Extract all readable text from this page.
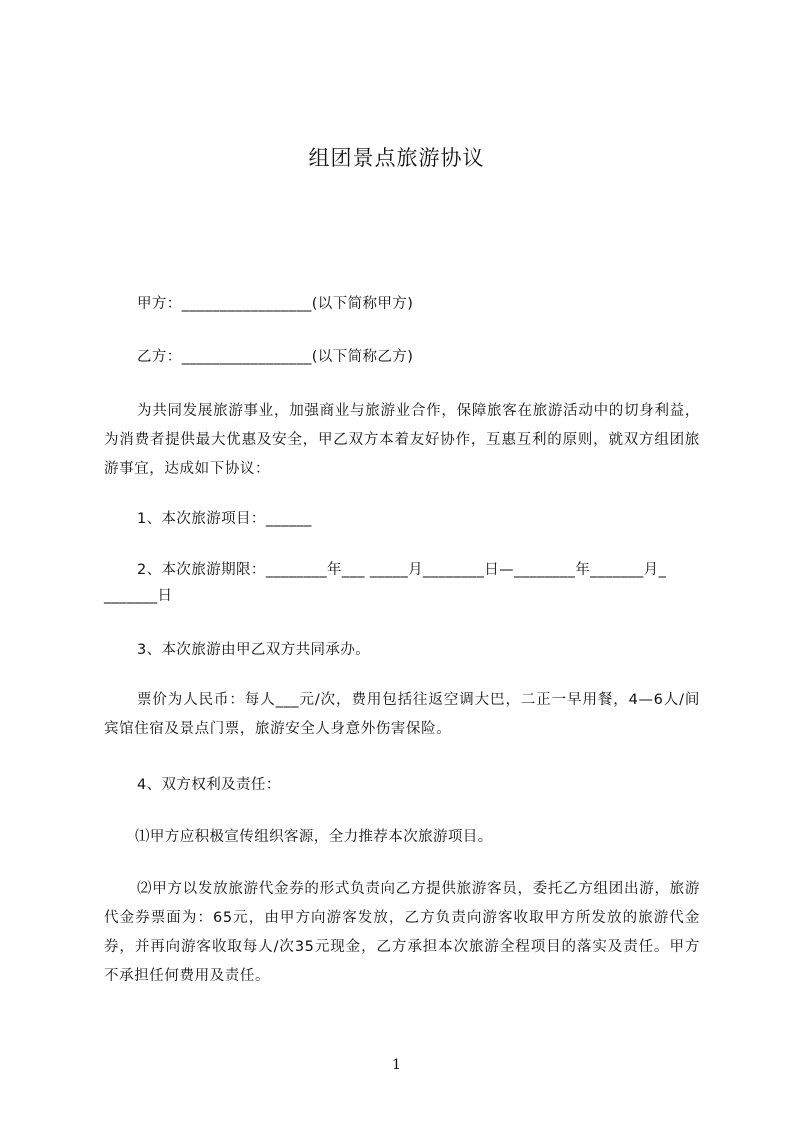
组团景点旅游协议
甲方：_________________(以下简称甲方)
乙方：_________________(以下简称乙方)
为共同发展旅游事业，加强商业与旅游业合作，保障旅客在旅游活动中的切身利益，为消费者提供最大优惠及安全，甲乙双方本着友好协作，互惠互利的原则，就双方组团旅游事宜，达成如下协议：
1、本次旅游项目：______
2、本次旅游期限：________年___ _____月________日—________年_______月_
_______日
3、本次旅游由甲乙双方共同承办。
票价为人民币：每人___元/次，费用包括往返空调大巴，二正一早用餐，4—6人/间宾馆住宿及景点门票，旅游安全人身意外伤害保险。
4、双方权利及责任：
⑴甲方应积极宣传组织客源，全力推荐本次旅游项目。
⑵甲方以发放旅游代金券的形式负责向乙方提供旅游客员，委托乙方组团出游，旅游代金券票面为：65元，由甲方向游客发放，乙方负责向游客收取甲方所发放的旅游代金券，并再向游客收取每人/次35元现金，乙方承担本次旅游全程项目的落实及责任。甲方不承担任何费用及责任。
1
